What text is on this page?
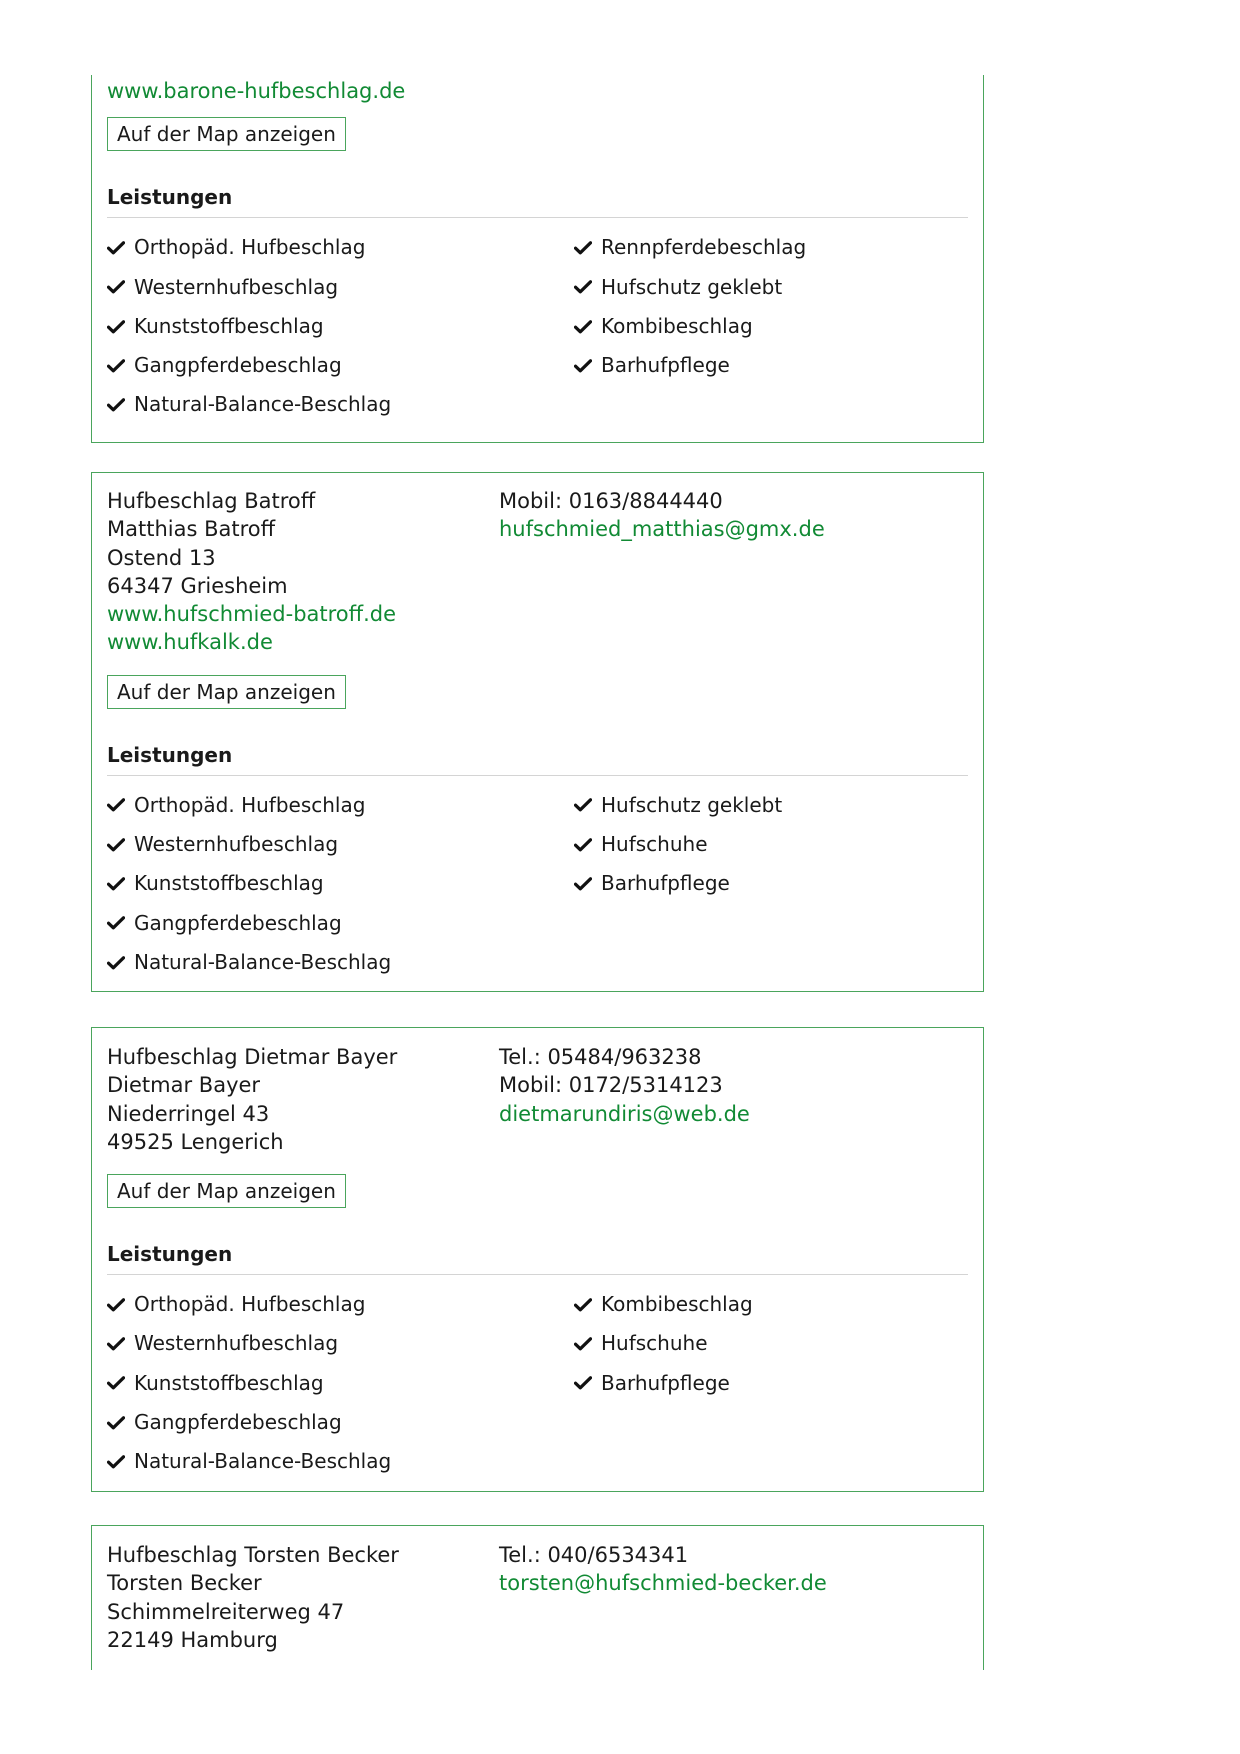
www.barone-hufbeschlag.de
Auf der Map anzeigen
Leistungen
Orthopäd. Hufbeschlag
Westernhufbeschlag
Kunststoffbeschlag
Gangpferdebeschlag
Natural-Balance-Beschlag
Rennpferdebeschlag
Hufschutz geklebt
Kombibeschlag
Barhufpflege
Hufbeschlag Batroff
Matthias Batroff
Ostend 13
64347 Griesheim
www.hufschmied-batroff.de
www.hufkalk.de
Mobil: 0163/8844440
hufschmied_matthias@gmx.de
Auf der Map anzeigen
Leistungen
Orthopäd. Hufbeschlag
Westernhufbeschlag
Kunststoffbeschlag
Gangpferdebeschlag
Natural-Balance-Beschlag
Hufschutz geklebt
Hufschuhe
Barhufpflege
Hufbeschlag Dietmar Bayer
Dietmar Bayer
Niederringel 43
49525 Lengerich
Tel.: 05484/963238
Mobil: 0172/5314123
dietmarundiris@web.de
Auf der Map anzeigen
Leistungen
Orthopäd. Hufbeschlag
Westernhufbeschlag
Kunststoffbeschlag
Gangpferdebeschlag
Natural-Balance-Beschlag
Kombibeschlag
Hufschuhe
Barhufpflege
Hufbeschlag Torsten Becker
Torsten Becker
Schimmelreiterweg 47
22149 Hamburg
Tel.: 040/6534341
torsten@hufschmied-becker.de
